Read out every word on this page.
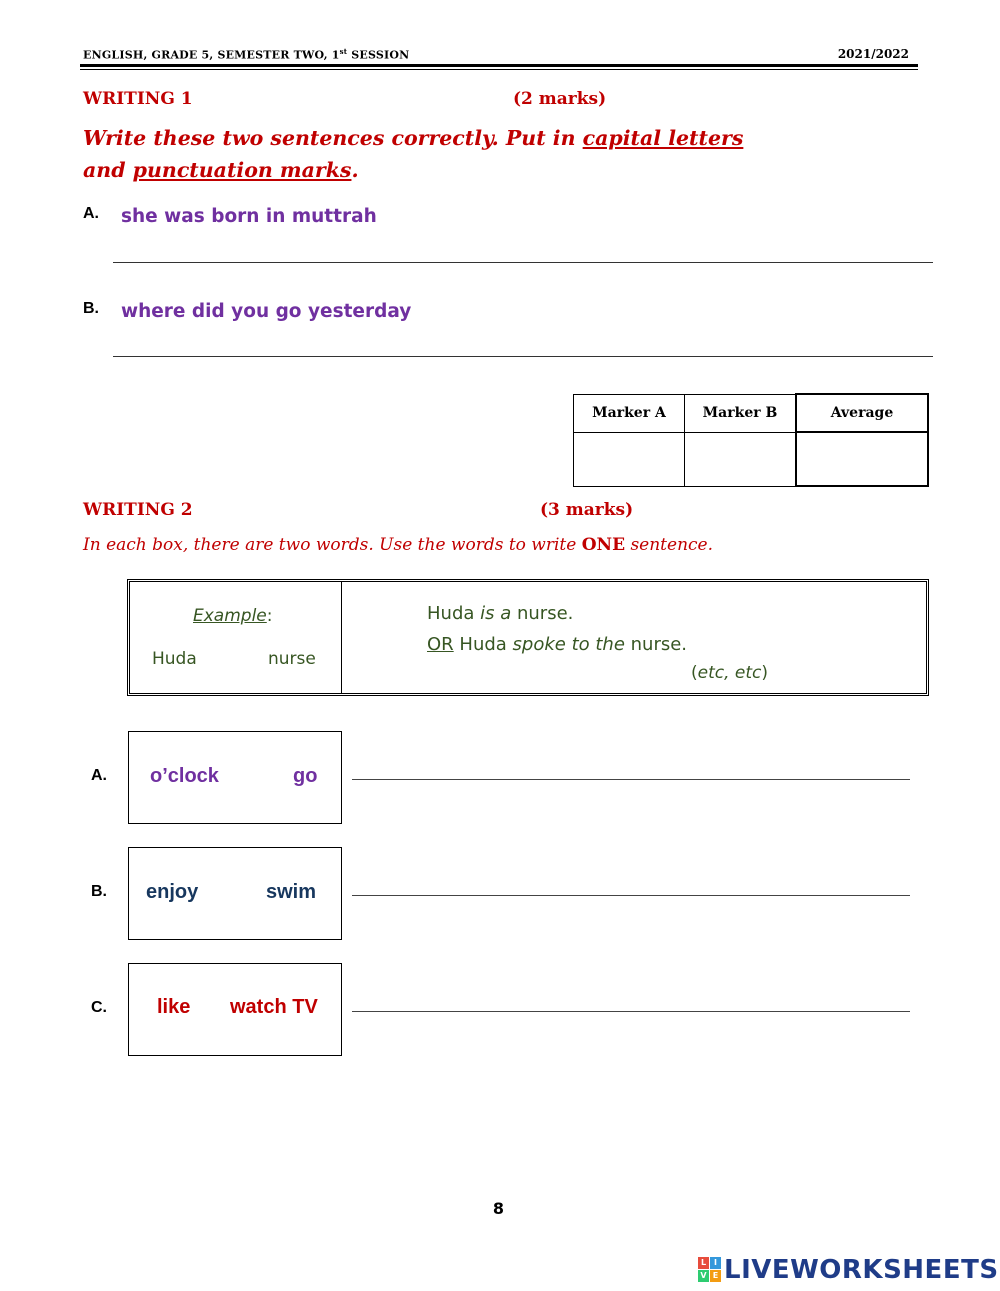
ENGLISH, GRADE 5, SEMESTER TWO, 1st SESSION	2021/2022
WRITING 1	(2 marks)
Write these two sentences correctly. Put in capital letters
and punctuation marks.
A. she was born in muttrah
B. where did you go yesterday
Marker A	Marker B	Average

WRITING 2	(3 marks)
In each box, there are two words. Use the words to write ONE sentence.
Example:
Huda	nurse
Huda is a nurse.
OR Huda spoke to the nurse.
(etc, etc)
A. o’clock	go
B. enjoy	swim
C.	like watch TV
8
L I
V E LIVEWORKSHEETS
